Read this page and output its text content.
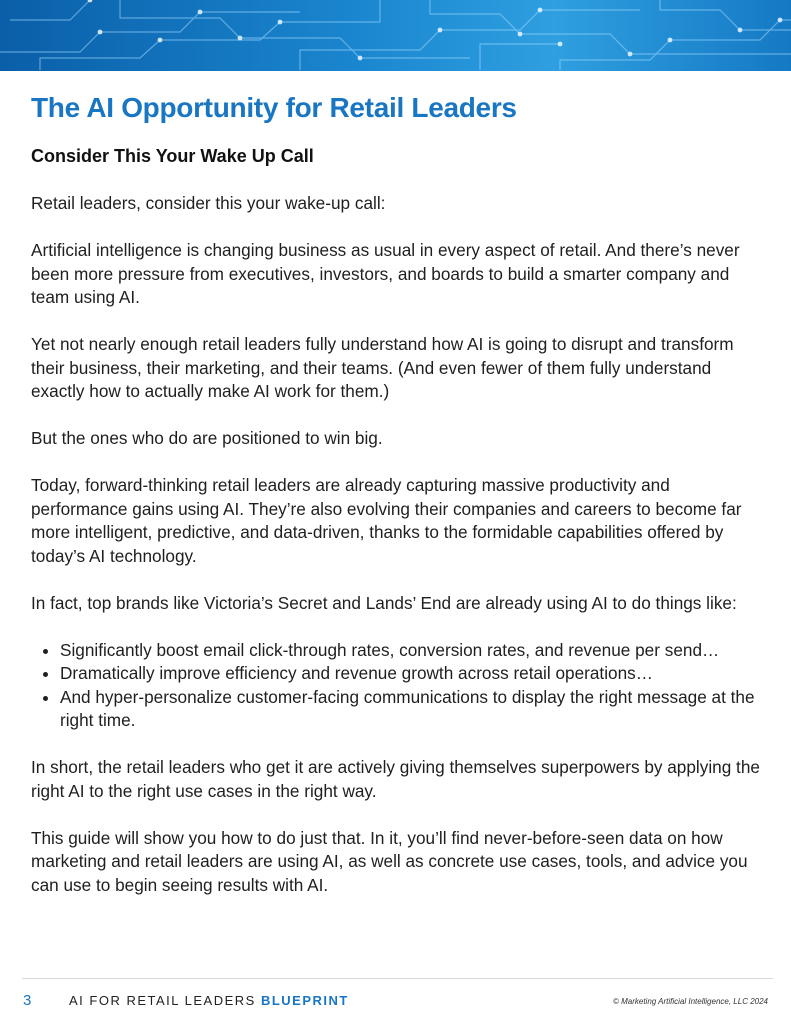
The AI Opportunity for Retail Leaders
Consider This Your Wake Up Call

Retail leaders, consider this your wake-up call:

Artificial intelligence is changing business as usual in every aspect of retail. And there’s never been more pressure from executives, investors, and boards to build a smarter company and team using AI.

Yet not nearly enough retail leaders fully understand how AI is going to disrupt and transform their business, their marketing, and their teams. (And even fewer of them fully understand exactly how to actually make AI work for them.)

But the ones who do are positioned to win big.

Today, forward-thinking retail leaders are already capturing massive productivity and performance gains using AI. They’re also evolving their companies and careers to become far more intelligent, predictive, and data-driven, thanks to the formidable capabilities offered by today’s AI technology.

In fact, top brands like Victoria’s Secret and Lands’ End are already using AI to do things like:

• Significantly boost email click-through rates, conversion rates, and revenue per send…
• Dramatically improve efficiency and revenue growth across retail operations…
• And hyper-personalize customer-facing communications to display the right message at the right time.

In short, the retail leaders who get it are actively giving themselves superpowers by applying the right AI to the right use cases in the right way.

This guide will show you how to do just that. In it, you’ll find never-before-seen data on how marketing and retail leaders are using AI, as well as concrete use cases, tools, and advice you can use to begin seeing results with AI.

3	AI FOR RETAIL LEADERS BLUEPRINT	© Marketing Artificial Intelligence, LLC 2024
